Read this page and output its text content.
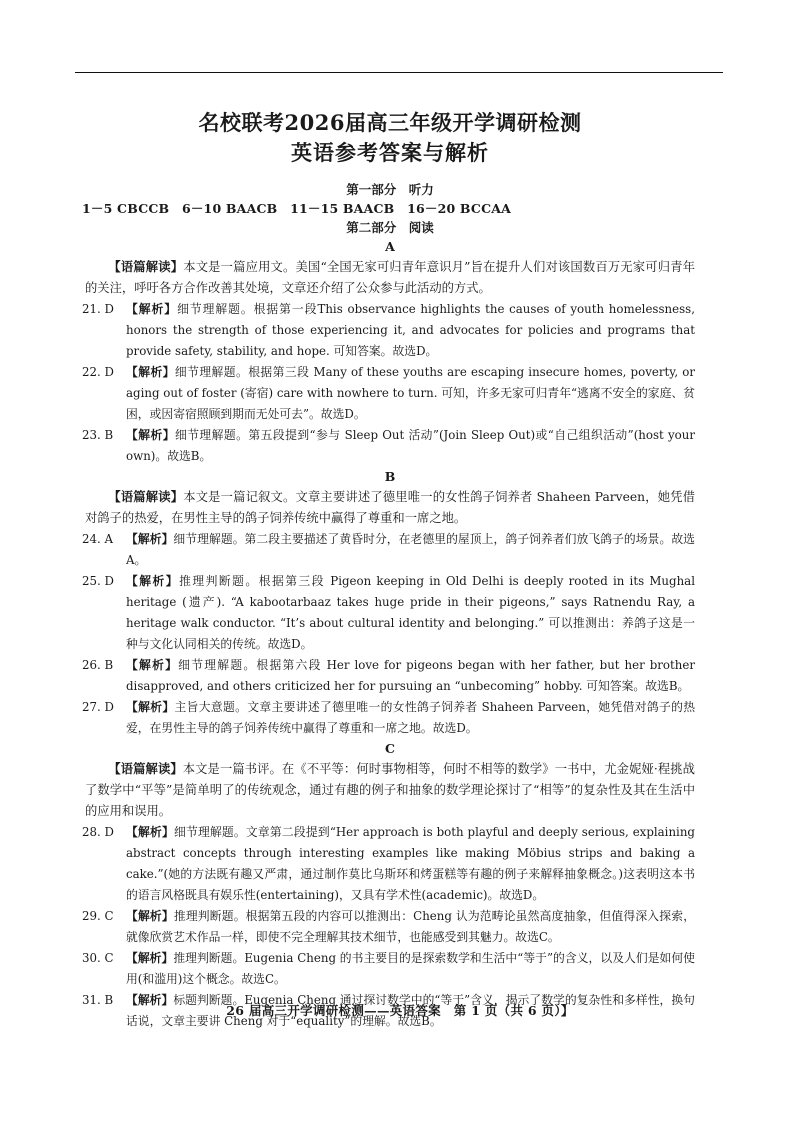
名校联考2026届高三年级开学调研检测
英语参考答案与解析
第一部分　听力
1－5 CBCCB　6－10 BAACB　11－15 BAACB　16－20 BCCAA
第二部分　阅读
A
【语篇解读】本文是一篇应用文。美国“全国无家可归青年意识月”旨在提升人们对该国数百万无家可归青年的关注，呼吁各方合作改善其处境，文章还介绍了公众参与此活动的方式。
21. D	【解析】细节理解题。根据第一段This observance highlights the causes of youth homelessness, honors the strength of those experiencing it, and advocates for policies and programs that provide safety, stability, and hope. 可知答案。故选D。
22. D	【解析】细节理解题。根据第三段 Many of these youths are escaping insecure homes, poverty, or aging out of foster (寄宿) care with nowhere to turn. 可知，许多无家可归青年“逃离不安全的家庭、贫困，或因寄宿照顾到期而无处可去”。故选D。
23. B	【解析】细节理解题。第五段提到“参与 Sleep Out 活动”(Join Sleep Out)或“自己组织活动”(host your own)。故选B。
B
【语篇解读】本文是一篇记叙文。文章主要讲述了德里唯一的女性鸽子饲养者 Shaheen Parveen，她凭借对鸽子的热爱，在男性主导的鸽子饲养传统中赢得了尊重和一席之地。
24. A	【解析】细节理解题。第二段主要描述了黄昏时分，在老德里的屋顶上，鸽子饲养者们放飞鸽子的场景。故选A。
25. D	【解析】推理判断题。根据第三段 Pigeon keeping in Old Delhi is deeply rooted in its Mughal heritage (遗产). “A kabootarbaaz takes huge pride in their pigeons,” says Ratnendu Ray, a heritage walk conductor. “It’s about cultural identity and belonging.” 可以推测出：养鸽子这是一种与文化认同相关的传统。故选D。
26. B	【解析】细节理解题。根据第六段 Her love for pigeons began with her father, but her brother disapproved, and others criticized her for pursuing an “unbecoming” hobby. 可知答案。故选B。
27. D	【解析】主旨大意题。文章主要讲述了德里唯一的女性鸽子饲养者 Shaheen Parveen，她凭借对鸽子的热爱，在男性主导的鸽子饲养传统中赢得了尊重和一席之地。故选D。
C
【语篇解读】本文是一篇书评。在《不平等：何时事物相等，何时不相等的数学》一书中，尤金妮娅·程挑战了数学中“平等”是简单明了的传统观念，通过有趣的例子和抽象的数学理论探讨了“相等”的复杂性及其在生活中的应用和误用。
28. D	【解析】细节理解题。文章第二段提到“Her approach is both playful and deeply serious, explaining abstract concepts through interesting examples like making Möbius strips and baking a cake.”(她的方法既有趣又严肃，通过制作莫比乌斯环和烤蛋糕等有趣的例子来解释抽象概念。)这表明这本书的语言风格既具有娱乐性(entertaining)，又具有学术性(academic)。故选D。
29. C	【解析】推理判断题。根据第五段的内容可以推测出：Cheng 认为范畴论虽然高度抽象，但值得深入探索，就像欣赏艺术作品一样，即使不完全理解其技术细节，也能感受到其魅力。故选C。
30. C	【解析】推理判断题。Eugenia Cheng 的书主要目的是探索数学和生活中“等于”的含义，以及人们是如何使用(和滥用)这个概念。故选C。
31. B	【解析】标题判断题。Eugenia Cheng 通过探讨数学中的“等于”含义，揭示了数学的复杂性和多样性，换句话说，文章主要讲 Cheng 对于“equality”的理解。故选B。
26 届高三开学调研检测——英语答案　第 1 页（共 6 页）】
